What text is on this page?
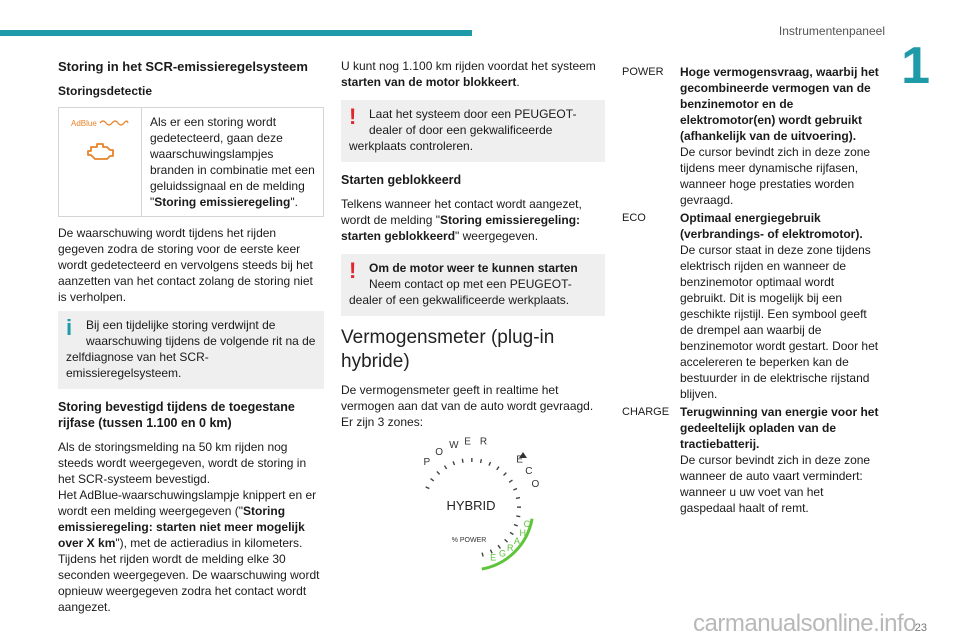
Instrumentenpaneel
1
Storing in het SCR-emissieregelsysteem
Storingsdetectie
AdBlue	Als er een storing wordt gedetecteerd, gaan deze waarschuwingslampjes branden in combinatie met een geluidssignaal en de melding "Storing emissieregeling".

De waarschuwing wordt tijdens het rijden gegeven zodra de storing voor de eerste keer wordt gedetecteerd en vervolgens steeds bij het aanzetten van het contact zolang de storing niet is verholpen.

i	Bij een tijdelijke storing verdwijnt de waarschuwing tijdens de volgende rit na de zelfdiagnose van het SCR-emissieregelsysteem.
Storing bevestigd tijdens de toegestane rijfase (tussen 1.100 en 0 km)

Als de storingsmelding na 50 km rijden nog steeds wordt weergegeven, wordt de storing in het SCR-systeem bevestigd.

Het AdBlue-waarschuwingslampje knippert en er wordt een melding weergegeven ("Storing emissieregeling: starten niet meer mogelijk over X km"), met de actieradius in kilometers.

Tijdens het rijden wordt de melding elke 30 seconden weergegeven. De waarschuwing wordt opnieuw weergegeven zodra het contact wordt aangezet.

U kunt nog 1.100 km rijden voordat het systeem starten van de motor blokkeert.

!	Laat het systeem door een PEUGEOT-dealer of door een gekwalificeerde werkplaats controleren.
Starten geblokkeerd

Telkens wanneer het contact wordt aangezet, wordt de melding "Storing emissieregeling: starten geblokkeerd" weergegeven.

!	Om de motor weer te kunnen starten
Neem contact op met een PEUGEOT-dealer of een gekwalificeerde werkplaats.
Vermogensmeter (plug-in hybride)

De vermogensmeter geeft in realtime het vermogen aan dat van de auto wordt gevraagd.

Er zijn 3 zones:

POW E R
EC O
C H A R GE
HYBRID
% POWER
POWER	Hoge vermogensvraag, waarbij het gecombineerde vermogen van de benzinemotor en de elektromotor(en) wordt gebruikt (afhankelijk van de uitvoering).
De cursor bevindt zich in deze zone tijdens meer dynamische rijfasen, wanneer hoge prestaties worden gevraagd.
ECO	Optimaal energiegebruik (verbrandings- of elektromotor).
De cursor staat in deze zone tijdens elektrisch rijden en wanneer de benzinemotor optimaal wordt gebruikt. Dit is mogelijk bij een geschikte rijstijl. Een symbool geeft de drempel aan waarbij de benzinemotor wordt gestart. Door het accelereren te beperken kan de bestuurder in de elektrische rijstand blijven.
CHARGE Terugwinning van energie voor het gedeeltelijk opladen van de tractiebatterij.
De cursor bevindt zich in deze zone wanneer de auto vaart vermindert: wanneer u uw voet van het gaspedaal haalt of remt.
23
carmanualsonline.info
